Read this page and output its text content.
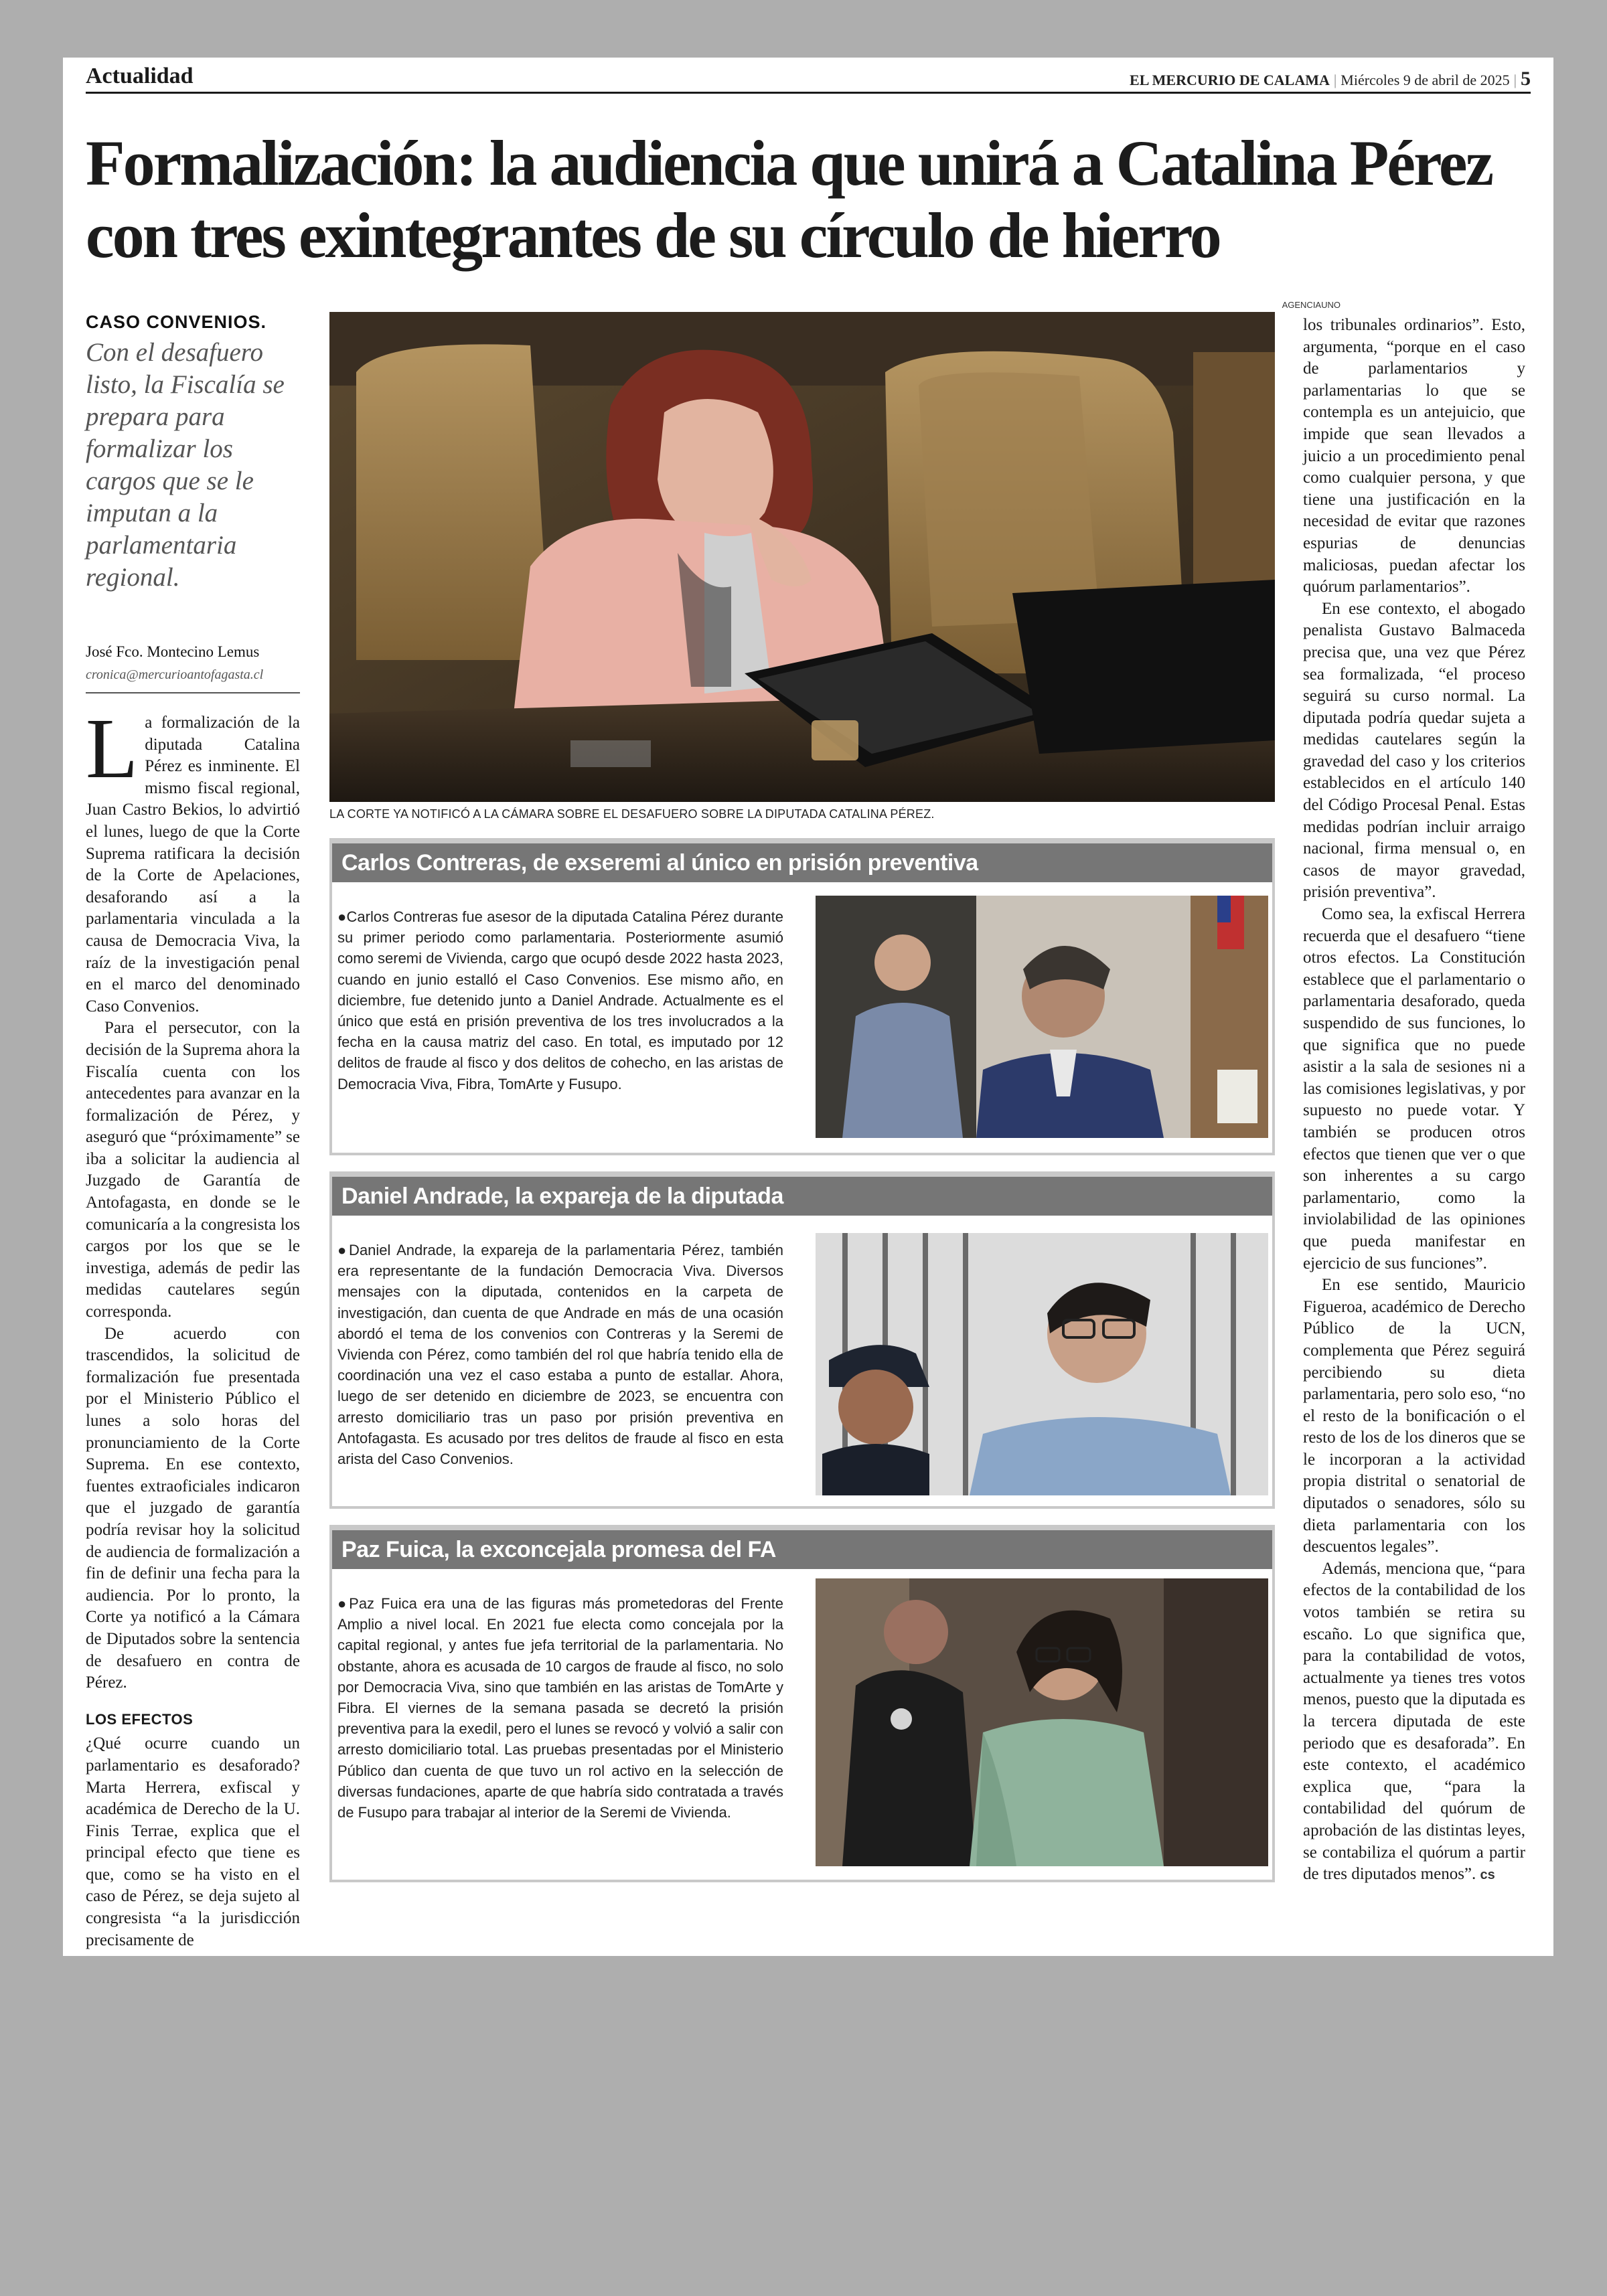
Actualidad	EL MERCURIO DE CALAMA | Miércoles 9 de abril de 2025 | 5
Formalización: la audiencia que unirá a Catalina Pérez con tres exintegrantes de su círculo de hierro
CASO CONVENIOS.
Con el desafuero listo, la Fiscalía se prepara para formalizar los cargos que se le imputan a la parlamentaria regional.
José Fco. Montecino Lemus
cronica@mercurioantofagasta.cl

La formalización de la diputada Catalina Pérez es inminente. El mismo fiscal regional, Juan Castro Bekios, lo advirtió el lunes, luego de que la Corte Suprema ratificara la decisión de la Corte de Apelaciones, desaforando así a la parlamentaria vinculada a la causa de Democracia Viva, la raíz de la investigación penal en el marco del denominado Caso Convenios.

Para el persecutor, con la decisión de la Suprema ahora la Fiscalía cuenta con los antecedentes para avanzar en la formalización de Pérez, y aseguró que “próximamente” se iba a solicitar la audiencia al Juzgado de Garantía de Antofagasta, en donde se le comunicaría a la congresista los cargos por los que se le investiga, además de pedir las medidas cautelares según corresponda.

De acuerdo con trascendidos, la solicitud de formalización fue presentada por el Ministerio Público el lunes a solo horas del pronunciamiento de la Corte Suprema. En ese contexto, fuentes extraoficiales indicaron que el juzgado de garantía podría revisar hoy la solicitud de audiencia de formalización a fin de definir una fecha para la audiencia. Por lo pronto, la Corte ya notificó a la Cámara de Diputados sobre la sentencia de desafuero en contra de Pérez.

LOS EFECTOS

¿Qué ocurre cuando un parlamentario es desaforado? Marta Herrera, exfiscal y académica de Derecho de la U. Finis Terrae, explica que el principal efecto que tiene es que, como se ha visto en el caso de Pérez, se deja sujeto al congresista “a la jurisdicción precisamente de

AGENCIAUNO
LA CORTE YA NOTIFICÓ A LA CÁMARA SOBRE EL DESAFUERO SOBRE LA DIPUTADA CATALINA PÉREZ.
Carlos Contreras, de exseremi al único en prisión preventiva
●Carlos Contreras fue asesor de la diputada Catalina Pérez durante su primer periodo como parlamentaria. Posteriormente asumió como seremi de Vivienda, cargo que ocupó desde 2022 hasta 2023, cuando en junio estalló el Caso Convenios. Ese mismo año, en diciembre, fue detenido junto a Daniel Andrade. Actualmente es el único que está en prisión preventiva de los tres involucrados a la fecha en la causa matriz del caso. En total, es imputado por 12 delitos de fraude al fisco y dos delitos de cohecho, en las aristas de Democracia Viva, Fibra, TomArte y Fusupo.
Daniel Andrade, la expareja de la diputada
●Daniel Andrade, la expareja de la parlamentaria Pérez, también era representante de la fundación Democracia Viva. Diversos mensajes con la diputada, contenidos en la carpeta de investigación, dan cuenta de que Andrade en más de una ocasión abordó el tema de los convenios con Contreras y la Seremi de Vivienda con Pérez, como también del rol que habría tenido ella de coordinación una vez el caso estaba a punto de estallar. Ahora, luego de ser detenido en diciembre de 2023, se encuentra con arresto domiciliario tras un paso por prisión preventiva en Antofagasta. Es acusado por tres delitos de fraude al fisco en esta arista del Caso Convenios.
Paz Fuica, la exconcejala promesa del FA
●Paz Fuica era una de las figuras más prometedoras del Frente Amplio a nivel local. En 2021 fue electa como concejala por la capital regional, y antes fue jefa territorial de la parlamentaria. No obstante, ahora es acusada de 10 cargos de fraude al fisco, no solo por Democracia Viva, sino que también en las aristas de TomArte y Fibra. El viernes de la semana pasada se decretó la prisión preventiva para la exedil, pero el lunes se revocó y volvió a salir con arresto domiciliario total. Las pruebas presentadas por el Ministerio Público dan cuenta de que tuvo un rol activo en la selección de diversas fundaciones, aparte de que habría sido contratada a través de Fusupo para trabajar al interior de la Seremi de Vivienda.

los tribunales ordinarios”. Esto, argumenta, “porque en el caso de parlamentarios y parlamentarias lo que se contempla es un antejuicio, que impide que sean llevados a juicio a un procedimiento penal como cualquier persona, y que tiene una justificación en la necesidad de evitar que razones espurias de denuncias maliciosas, puedan afectar los quórum parlamentarios”.

En ese contexto, el abogado penalista Gustavo Balmaceda precisa que, una vez que Pérez sea formalizada, “el proceso seguirá su curso normal. La diputada podría quedar sujeta a medidas cautelares según la gravedad del caso y los criterios establecidos en el artículo 140 del Código Procesal Penal. Estas medidas podrían incluir arraigo nacional, firma mensual o, en casos de mayor gravedad, prisión preventiva”.

Como sea, la exfiscal Herrera recuerda que el desafuero “tiene otros efectos. La Constitución establece que el parlamentario o parlamentaria desaforado, queda suspendido de sus funciones, lo que significa que no puede asistir a la sala de sesiones ni a las comisiones legislativas, y por supuesto no puede votar. Y también se producen otros efectos que tienen que ver o que son inherentes a su cargo parlamentario, como la inviolabilidad de las opiniones que pueda manifestar en ejercicio de sus funciones”.

En ese sentido, Mauricio Figueroa, académico de Derecho Público de la UCN, complementa que Pérez seguirá percibiendo su dieta parlamentaria, pero solo eso, “no el resto de la bonificación o el resto de los de los dineros que se le incorporan a la actividad propia distrital o senatorial de diputados o senadores, sólo su dieta parlamentaria con los descuentos legales”.

Además, menciona que, “para efectos de la contabilidad de los votos también se retira su escaño. Lo que significa que, para la contabilidad de votos, actualmente ya tienes tres votos menos, puesto que la diputada es la tercera diputada de este periodo que es desaforada”. En este contexto, el académico explica que, “para la contabilidad del quórum de aprobación de las distintas leyes, se contabiliza el quórum a partir de tres diputados menos”. cs
